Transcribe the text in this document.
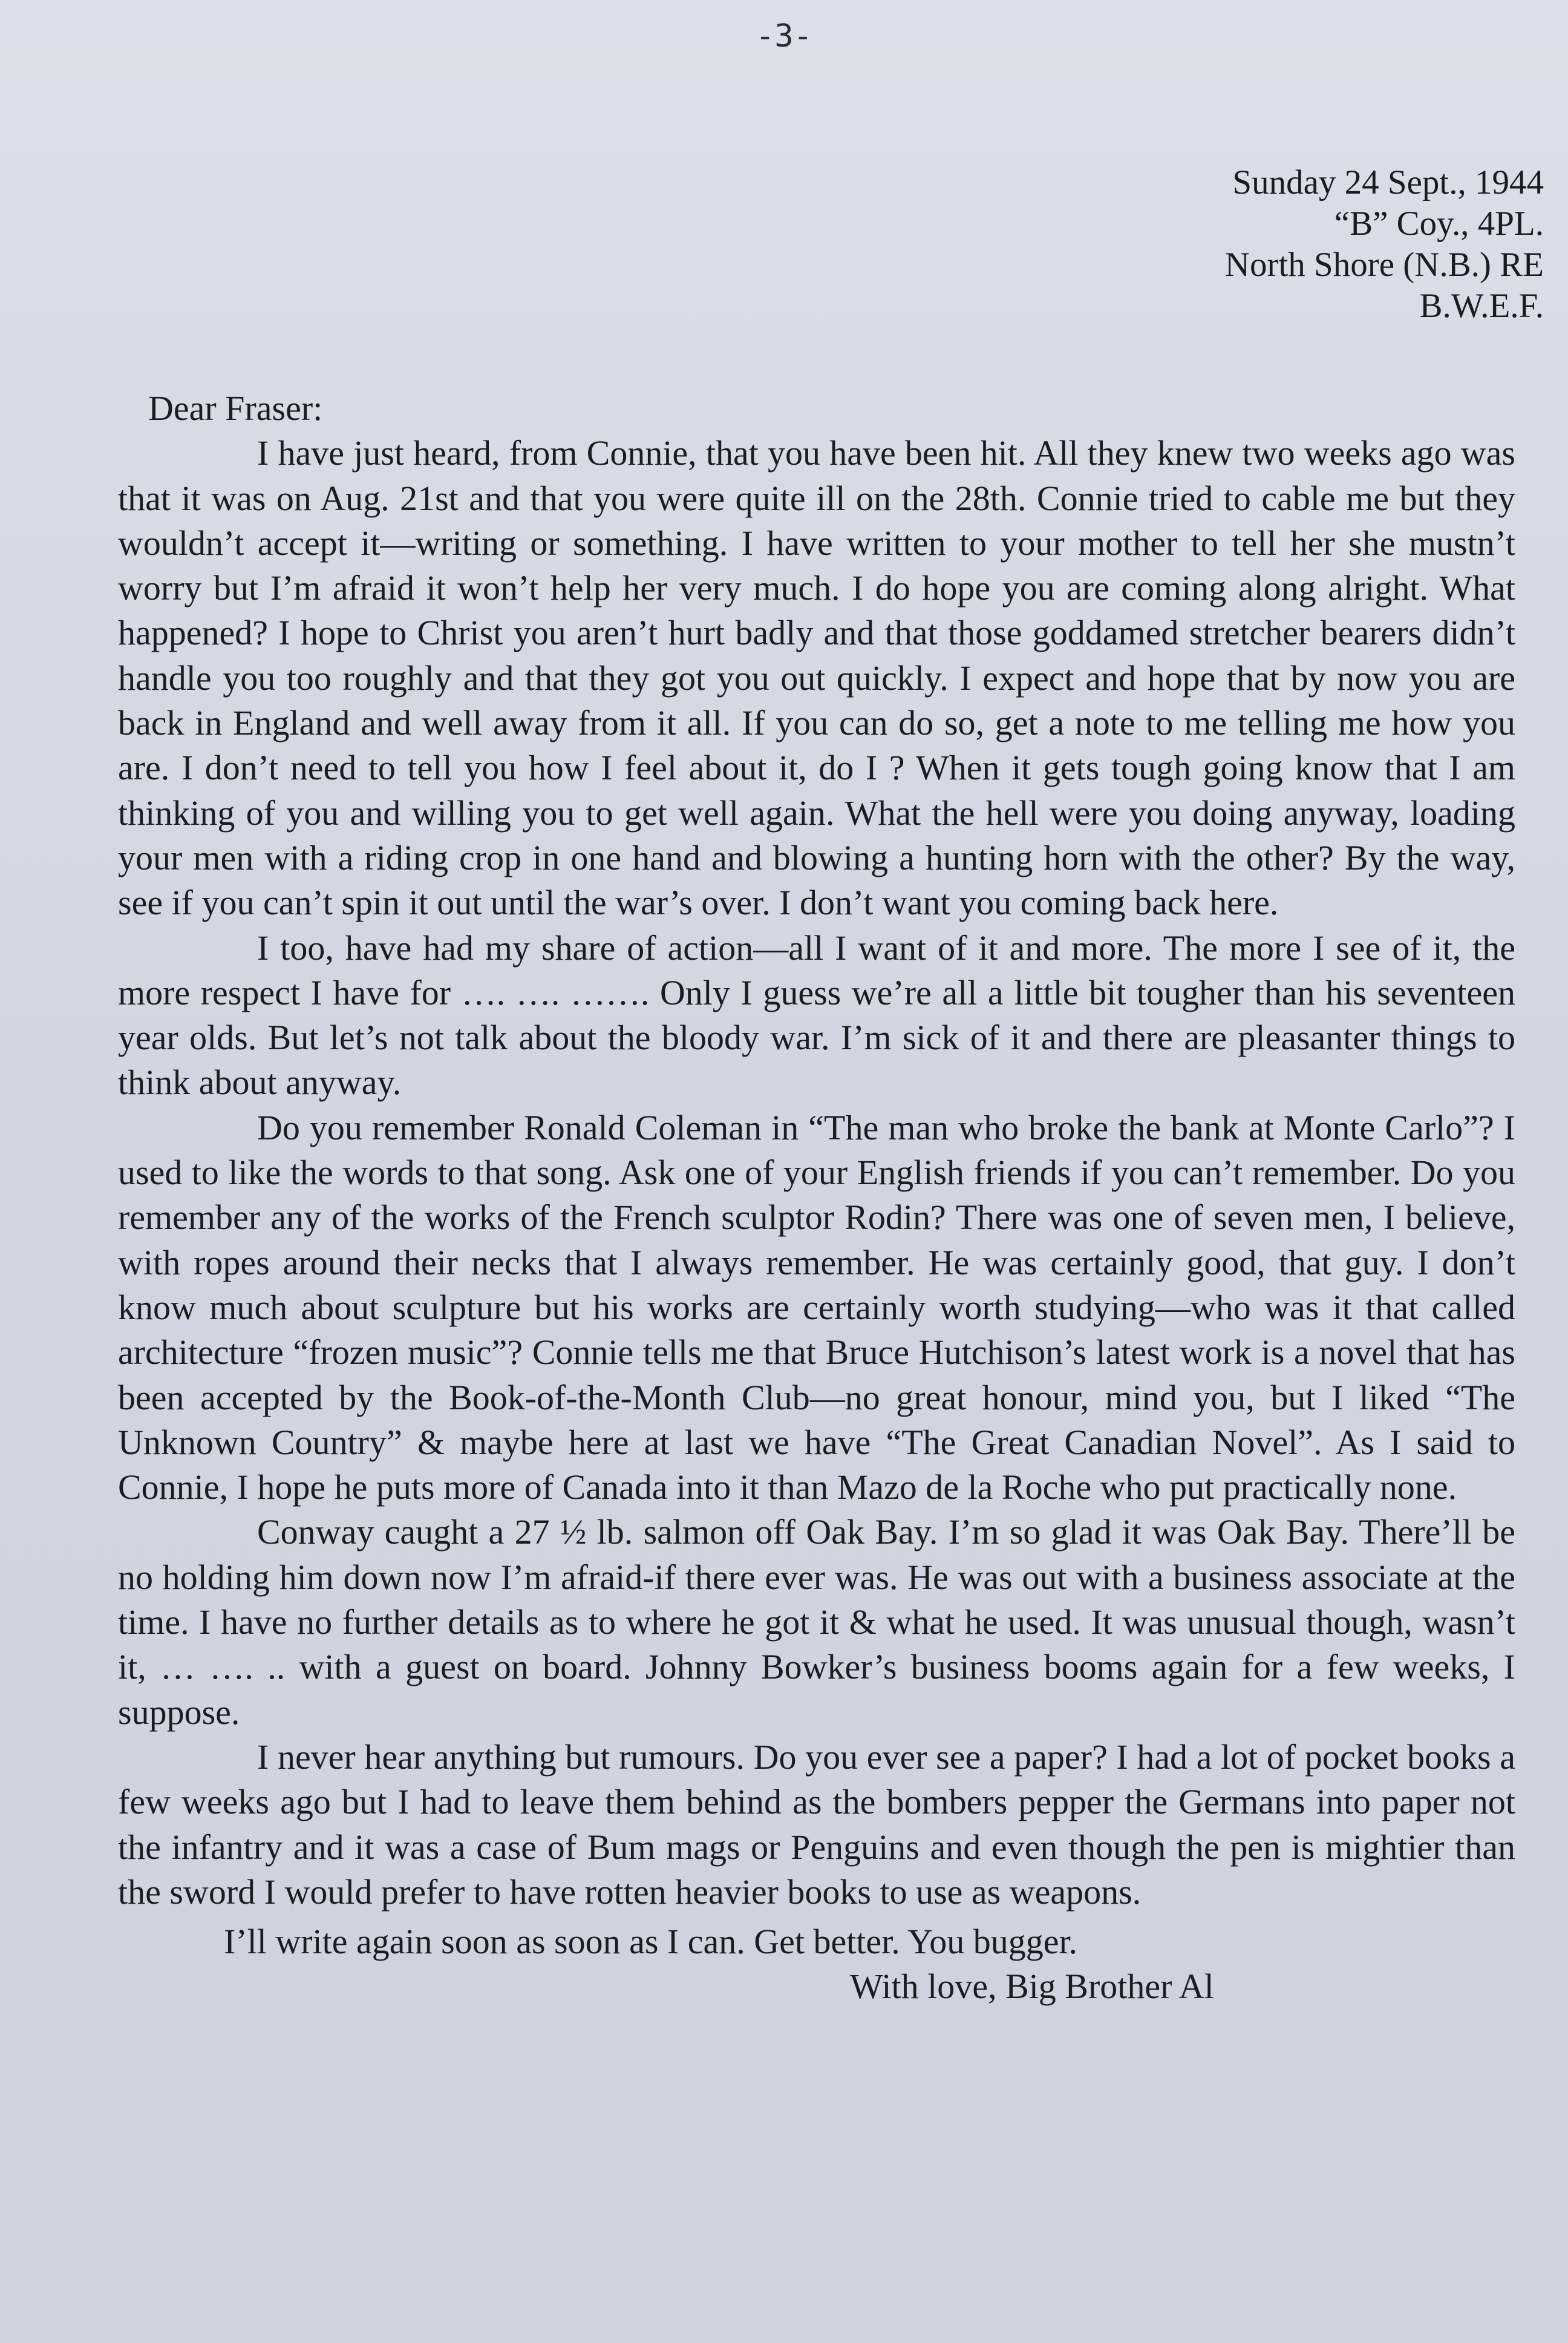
-3-
Sunday 24 Sept., 1944
“B” Coy., 4PL.
North Shore (N.B.) RE
B.W.E.F.

Dear Fraser:

I have just heard, from Connie, that you have been hit. All they knew two weeks ago was that it was on Aug. 21st and that you were quite ill on the 28th. Connie tried to cable me but they wouldn’t accept it—writing or something. I have written to your mother to tell her she mustn’t worry but I’m afraid it won’t help her very much. I do hope you are coming along alright. What happened? I hope to Christ you aren’t hurt badly and that those goddamed stretcher bearers didn’t handle you too roughly and that they got you out quickly. I expect and hope that by now you are back in England and well away from it all. If you can do so, get a note to me telling me how you are. I don’t need to tell you how I feel about it, do I ? When it gets tough going know that I am thinking of you and willing you to get well again. What the hell were you doing anyway, loading your men with a riding crop in one hand and blowing a hunting horn with the other? By the way, see if you can’t spin it out until the war’s over. I don’t want you coming back here.

I too, have had my share of action—all I want of it and more. The more I see of it, the more respect I have for …. …. ……. Only I guess we’re all a little bit tougher than his seventeen year olds. But let’s not talk about the bloody war. I’m sick of it and there are pleasanter things to think about anyway.

Do you remember Ronald Coleman in “The man who broke the bank at Monte Carlo”? I used to like the words to that song. Ask one of your English friends if you can’t remember. Do you remember any of the works of the French sculptor Rodin? There was one of seven men, I believe, with ropes around their necks that I always remember. He was certainly good, that guy. I don’t know much about sculpture but his works are certainly worth studying—who was it that called architecture “frozen music”? Connie tells me that Bruce Hutchison’s latest work is a novel that has been accepted by the Book-of-the-Month Club—no great honour, mind you, but I liked “The Unknown Country” & maybe here at last we have “The Great Canadian Novel”. As I said to Connie, I hope he puts more of Canada into it than Mazo de la Roche who put practically none.

Conway caught a 27 ½ lb. salmon off Oak Bay. I’m so glad it was Oak Bay. There’ll be no holding him down now I’m afraid-if there ever was. He was out with a business associate at the time. I have no further details as to where he got it & what he used. It was unusual though, wasn’t it, … …. .. with a guest on board. Johnny Bowker’s business booms again for a few weeks, I suppose.

I never hear anything but rumours. Do you ever see a paper? I had a lot of pocket books a few weeks ago but I had to leave them behind as the bombers pepper the Germans into paper not the infantry and it was a case of Bum mags or Penguins and even though the pen is mightier than the sword I would prefer to have rotten heavier books to use as weapons.

I’ll write again soon as soon as I can. Get better. You bugger.

With love, Big Brother Al
